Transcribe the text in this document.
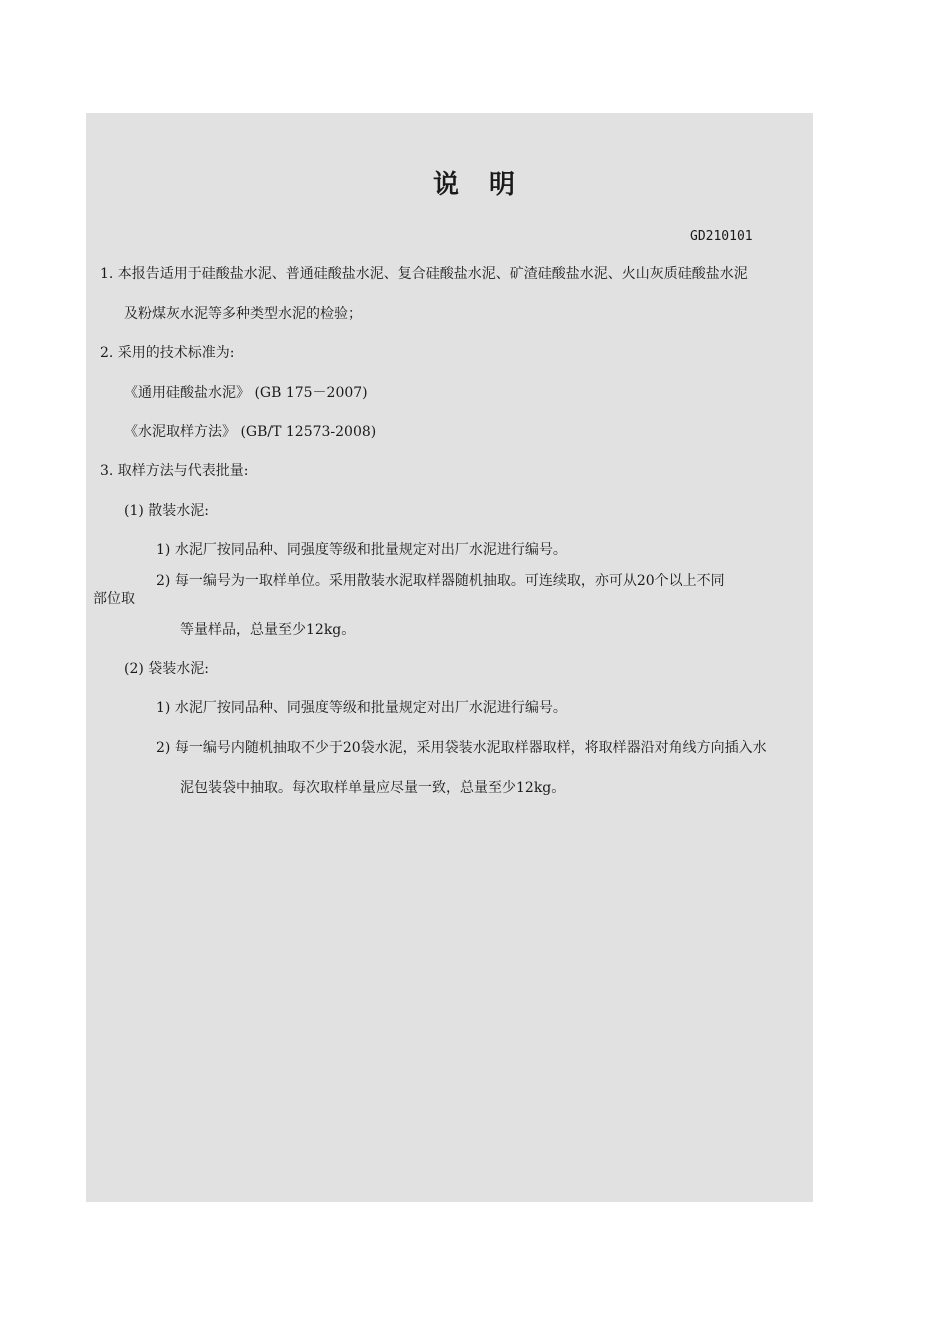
说　明
GD210101
1. 本报告适用于硅酸盐水泥、普通硅酸盐水泥、复合硅酸盐水泥、矿渣硅酸盐水泥、火山灰质硅酸盐水泥
及粉煤灰水泥等多种类型水泥的检验；
2. 采用的技术标准为:
《通用硅酸盐水泥》 (GB 175－2007)
《水泥取样方法》 (GB/T 12573-2008)
3. 取样方法与代表批量:
(1) 散装水泥:
1) 水泥厂按同品种、同强度等级和批量规定对出厂水泥进行编号。
2) 每一编号为一取样单位。采用散装水泥取样器随机抽取。可连续取，亦可从20个以上不同
部位取
等量样品，总量至少12kg。
(2) 袋装水泥:
1) 水泥厂按同品种、同强度等级和批量规定对出厂水泥进行编号。
2) 每一编号内随机抽取不少于20袋水泥，采用袋装水泥取样器取样，将取样器沿对角线方向插入水
泥包装袋中抽取。每次取样单量应尽量一致，总量至少12kg。
